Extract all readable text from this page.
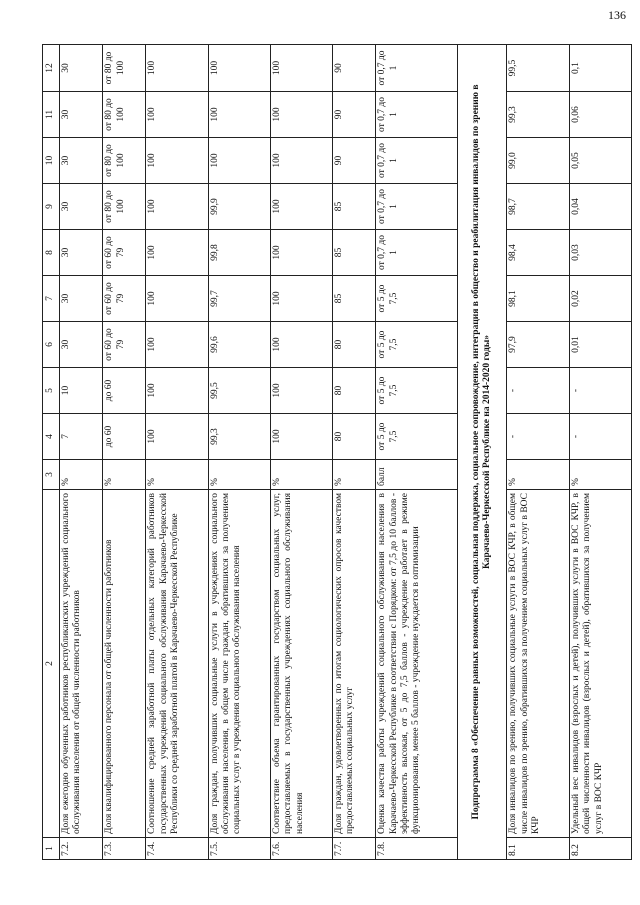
136
1	2	3	4	5	6	7	8	9	10	11	12
7.2.	Доля ежегодно обученных работников республиканских учреждений социального обслуживания населения от общей численности работников	%	7	10	30	30	30	30	30	30	30
7.3.	Доля квалифицированного персонала от общей численности работников	%	до 60	до 60	от 60 до 79	от 60 до 79	от 60 до 79	от 80 до 100	от 80 до 100	от 80 до 100	от 80 до 100
7.4.	Соотношение средней заработной платы отдельных категорий работников государственных учреждений социального обслуживания Карачаево-Черкесской Республики со средней заработной платой в Карачаево-Черкесской Республике	%	100	100	100	100	100	100	100	100	100
7.5.	Доля граждан, получивших социальные услуги в учреждениях социального обслуживания населения, в общем числе граждан, обратившихся за получением социальных услуг в учреждения социального обслуживания населения	%	99,3	99,5	99,6	99,7	99,8	99,9	100	100	100
7.6.	Соответствие объема гарантированных государством социальных услуг, предоставляемых в государственных учреждениях социального обслуживания населения	%	100	100	100	100	100	100	100	100	100
7.7.	Доля граждан, удовлетворенных по итогам социологических опросов качеством предоставляемых социальных услуг	%	80	80	80	85	85	85	90	90	90
7.8.	Оценка качества работы учреждений социального обслуживания населения в Карачаево-Черкесской Республике в соответствии с Порядком: от 7,5 до 10 баллов - эффективность высокая, от 5 до 7,5 баллов - учреждение работает в режиме функционирования, менее 5 баллов - учреждение нуждается в оптимизации	балл	от 5 до 7,5	от 5 до 7,5	от 5 до 7,5	от 5 до 7,5	от 0,7 до 1	от 0,7 до 1	от 0,7 до 1	от 0,7 до 1	от 0,7 до 1
Подпрограмма 8 «Обеспечение равных возможностей, социальная поддержка, социальное сопровождение, интеграция в общество и реабилитация инвалидов по зрению в Карачаево-Черкесской Республике на 2014-2020 годы»											
8.1	Доля инвалидов по зрению, получивших социальные услуги в ВОС КЧР, в общем числе инвалидов по зрению, обратившихся за получением социальных услуг в ВОС КЧР	%	-	-	97,9	98,1	98,4	98,7	99,0	99,3	99,5
8.2	Удельный вес инвалидов (взрослых и детей), получивших услуги в ВОС КЧР, в общей численности инвалидов (взрослых и детей), обратившихся за получением услуг в ВОС КЧР	%	-	-	0,01	0,02	0,03	0,04	0,05	0,06	0,1
